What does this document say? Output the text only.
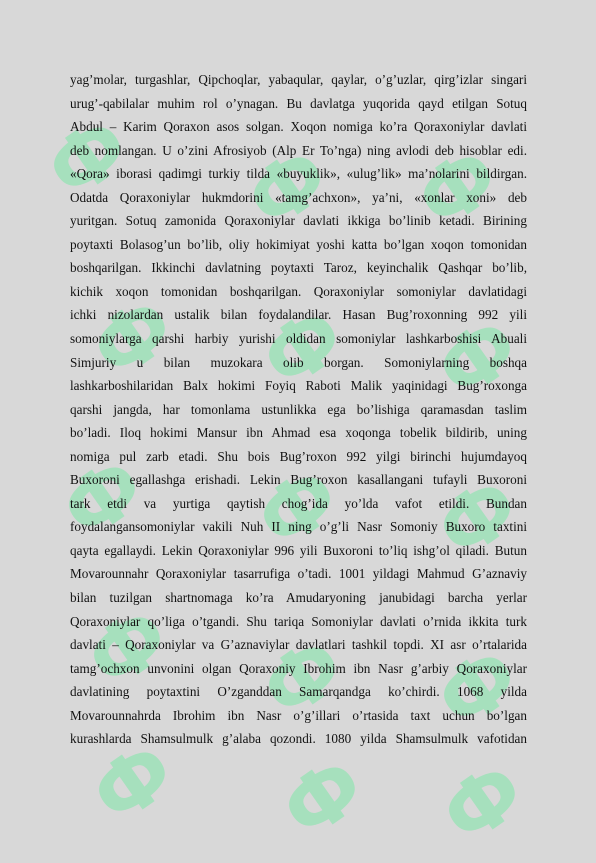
Ф Ф Ф
Ф Ф Ф
Ф Ф Ф
Ф Ф Ф
Ф Ф Ф
yag’molar, turgashlar, Qipchoqlar, yabaqular, qaylar, o’g’uzlar, qirg’izlar singari
urug’-qabilalar muhim rol o’ynagan. Bu davlatga yuqorida qayd etilgan Sotuq
Abdul – Karim Qoraxon asos solgan. Xoqon nomiga ko’ra Qoraxoniylar davlati
deb nomlangan. U o’zini Afrosiyob (Alp Er To’nga) ning avlodi deb hisoblar edi.
«Qora» iborasi qadimgi turkiy tilda «buyuklik», «ulug’lik» ma’nolarini bildirgan.
Odatda Qoraxoniylar hukmdorini «tamg’achxon», ya’ni, «xonlar xoni» deb
yuritgan. Sotuq zamonida Qoraxoniylar davlati ikkiga bo’linib ketadi. Birining
poytaxti Bolasog’un bo’lib, oliy hokimiyat yoshi katta bo’lgan xoqon tomonidan
boshqarilgan. Ikkinchi davlatning poytaxti Taroz, keyinchalik Qashqar bo’lib,
kichik xoqon tomonidan boshqarilgan. Qoraxoniylar somoniylar davlatidagi
ichki nizolardan ustalik bilan foydalandilar. Hasan Bug’roxonning 992 yili
somoniylarga qarshi harbiy yurishi oldidan somoniylar lashkarboshisi Abuali
Simjuriy u bilan muzokara olib borgan. Somoniylarning boshqa
lashkarboshilaridan Balx hokimi Foyiq Raboti Malik yaqinidagi Bug’roxonga
qarshi jangda, har tomonlama ustunlikka ega bo’lishiga qaramasdan taslim
bo’ladi. Iloq hokimi Mansur ibn Ahmad esa xoqonga tobelik bildirib, uning
nomiga pul zarb etadi. Shu bois Bug’roxon 992 yilgi birinchi hujumdayoq
Buxoroni egallashga erishadi. Lekin Bug’roxon kasallangani tufayli Buxoroni
tark etdi va yurtiga qaytish chog’ida yo’lda vafot etildi. Bundan
foydalangansomoniylar vakili Nuh II ning o’g’li Nasr Somoniy Buxoro taxtini
qayta egallaydi. Lekin Qoraxoniylar 996 yili Buxoroni to’liq ishg’ol qiladi. Butun
Movarounnahr Qoraxoniylar tasarrufiga o’tadi. 1001 yildagi Mahmud G’aznaviy
bilan tuzilgan shartnomaga ko’ra Amudaryoning janubidagi barcha yerlar
Qoraxoniylar qo’liga o’tgandi. Shu tariqa Somoniylar davlati o’rnida ikkita turk
davlati – Qoraxoniylar va G’aznaviylar davlatlari tashkil topdi. XI asr o’rtalarida
tamg’ochxon unvonini olgan Qoraxoniy Ibrohim ibn Nasr g’arbiy Qoraxoniylar
davlatining poytaxtini O’zganddan Samarqandga ko’chirdi. 1068 yilda
Movarounnahrda Ibrohim ibn Nasr o’g’illari o’rtasida taxt uchun bo’lgan
kurashlarda Shamsulmulk g’alaba qozondi. 1080 yilda Shamsulmulk vafotidan
